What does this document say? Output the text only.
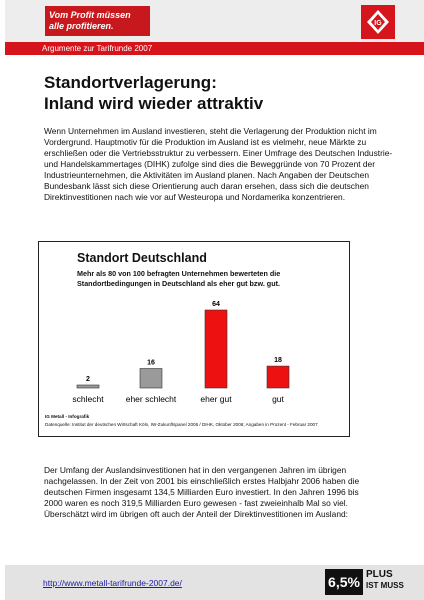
Vom Profit müssen
alle profitieren.	IG
Argumente zur Tarifrunde 2007
Standortverlagerung:
Inland wird wieder attraktiv
Wenn Unternehmen im Ausland investieren, steht die Verlagerung der Produktion nicht im Vordergrund. Hauptmotiv für die Produktion im Ausland ist es vielmehr, neue Märkte zu erschließen oder die Vertriebsstruktur zu verbessern. Einer Umfrage des Deutschen Industrie- und Handelskammertages (DIHK) zufolge sind dies die Beweggründe von 70 Prozent der Industrieunternehmen, die Aktivitäten im Ausland planen. Nach Angaben der Deutschen Bundesbank lässt sich diese Orientierung auch daran ersehen, dass sich die deutschen Direktinvestitionen nach wie vor auf Westeuropa und Nordamerika konzentrieren.
Standort Deutschland
Mehr als 80 von 100 befragten Unternehmen bewerteten die Standortbedingungen in Deutschland als eher gut bzw. gut.
2
schlecht
16
eher schlecht
64
eher gut
18
gut
IG Metall - Infografik
Datenquelle: Institut der deutschen Wirtschaft Köln, IW-Zukunftspanel 2006 / DIHK, Oktober 2006; Angaben in Prozent - Februar 2007
Der Umfang der Auslandsinvestitionen hat in den vergangenen Jahren im übrigen nachgelassen. In der Zeit von 2001 bis einschließlich erstes Halbjahr 2006 haben die deutschen Firmen insgesamt 134,5 Milliarden Euro investiert. In den Jahren 1996 bis 2000 waren es noch 319,5 Milliarden Euro gewesen - fast zweieinhalb Mal so viel. Überschätzt wird im übrigen oft auch der Anteil der Direktinvestitionen im Ausland:
http://www.metall-tarifrunde-2007.de/	6,5% PLUS
IST MUSS
